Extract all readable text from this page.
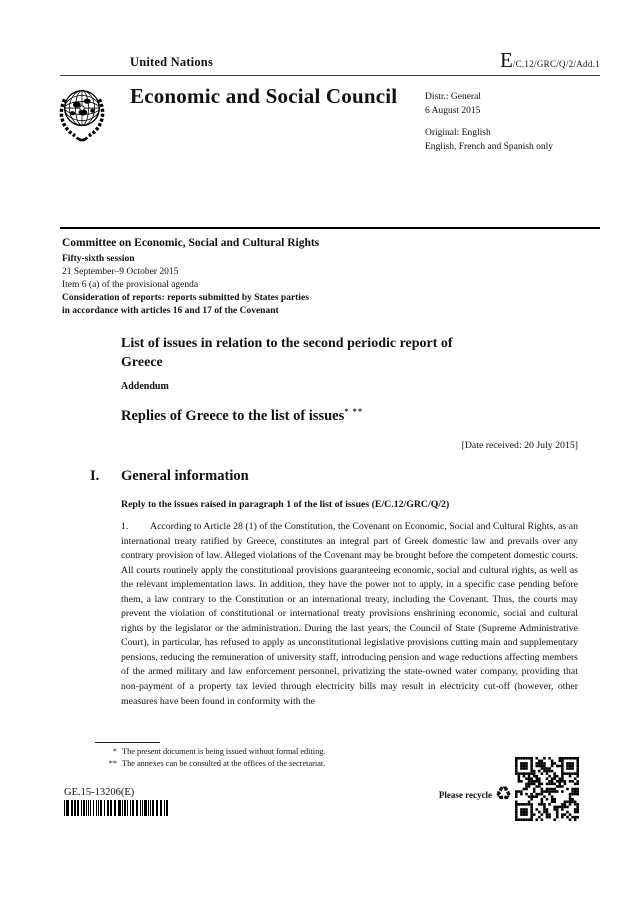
United Nations	E /C.12/GRC/Q/2/Add.1
Economic and Social Council	Distr.: General
6 August 2015
Original: English
English, French and Spanish only
Committee on Economic, Social and Cultural Rights
Fifty-sixth session
21 September–9 October 2015
Item 6 (a) of the provisional agenda
Consideration of reports: reports submitted by States parties
in accordance with articles 16 and 17 of the Covenant
List of issues in relation to the second periodic report of Greece
Addendum
Replies of Greece to the list of issues* **
[Date received: 20 July 2015]
I. General information
Reply to the issues raised in paragraph 1 of the list of issues (E/C.12/GRC/Q/2)
1. According to Article 28 (1) of the Constitution, the Covenant on Economic, Social and Cultural Rights, as an international treaty ratified by Greece, constitutes an integral part of Greek domestic law and prevails over any contrary provision of law. Alleged violations of the Covenant may be brought before the competent domestic courts. All courts routinely apply the constitutional provisions guaranteeing economic, social and cultural rights, as well as the relevant implementation laws. In addition, they have the power not to apply, in a specific case pending before them, a law contrary to the Constitution or an international treaty, including the Covenant. Thus, the courts may prevent the violation of constitutional or international treaty provisions enshrining economic, social and cultural rights by the legislator or the administration. During the last years, the Council of State (Supreme Administrative Court), in particular, has refused to apply as unconstitutional legislative provisions cutting main and supplementary pensions, reducing the remuneration of university staff, introducing pension and wage reductions affecting members of the armed military and law enforcement personnel, privatizing the state-owned water company, providing that non-payment of a property tax levied through electricity bills may result in electricity cut-off (however, other measures have been found in conformity with the
* The present document is being issued without formal editing.
** The annexes can be consulted at the offices of the secretariat.
GE.15-13206(E)	Please recycle ♻
